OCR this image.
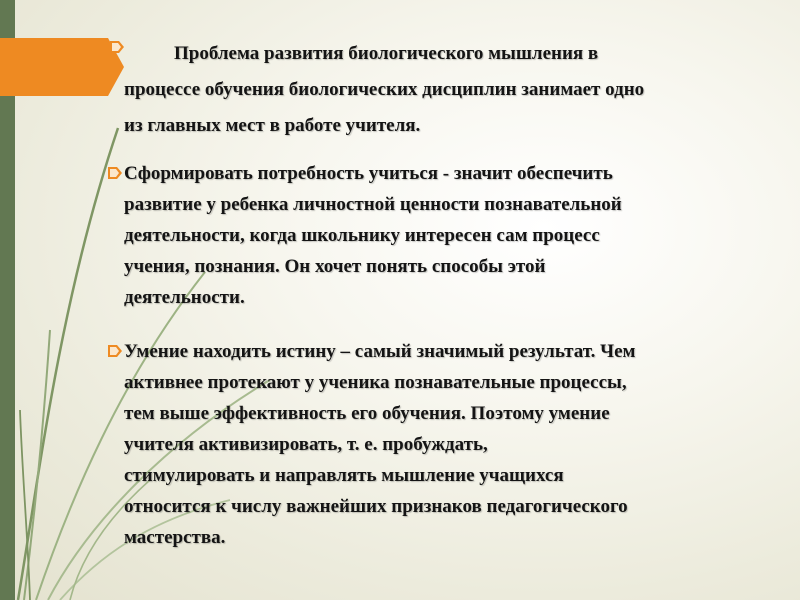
Проблема развития биологического мышления в
процессе обучения биологических дисциплин занимает одно
из главных мест в работе учителя.

Сформировать потребность учиться - значит обеспечить
развитие у ребенка личностной ценности познавательной
деятельности, когда школьнику интересен сам процесс
учения, познания. Он хочет понять способы этой
деятельности.

Умение находить истину – самый значимый результат. Чем
активнее протекают у ученика познавательные процессы,
тем выше эффективность его обучения. Поэтому умение
учителя активизировать, т. е. пробуждать,
стимулировать и направлять мышление учащихся
относится к числу важнейших признаков педагогического
мастерства.
